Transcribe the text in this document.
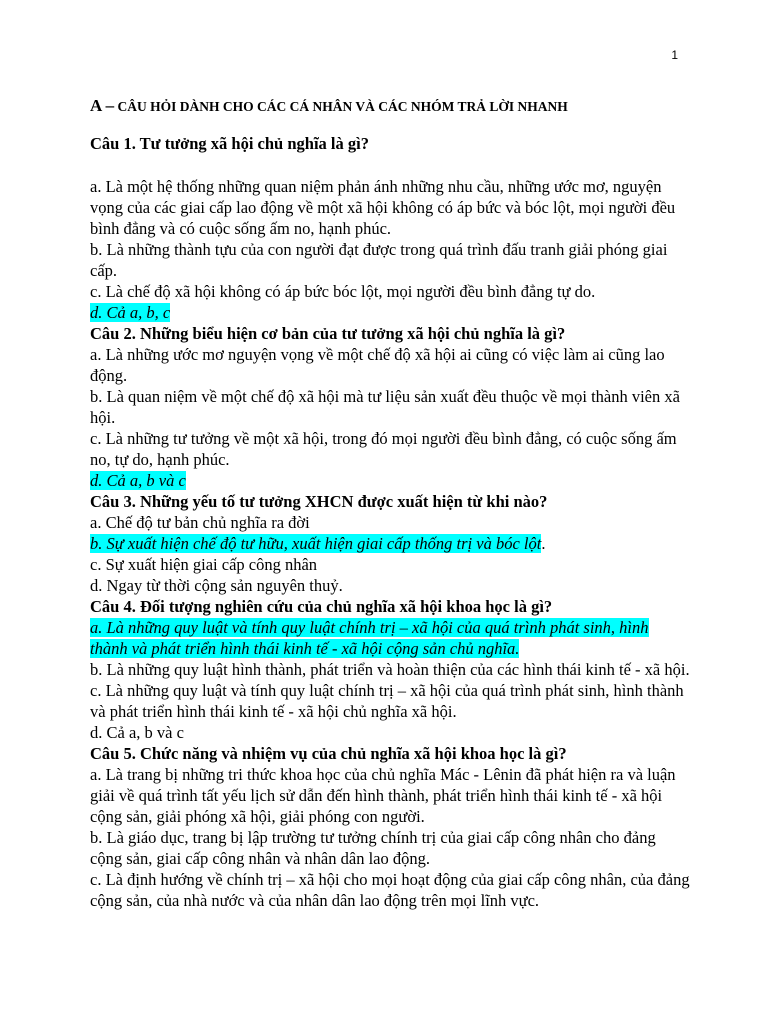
1

A – CÂU HỎI DÀNH CHO CÁC CÁ NHÂN VÀ CÁC NHÓM TRẢ LỜI NHANH

Câu 1. Tư tưởng xã hội chủ nghĩa là gì?

a. Là một hệ thống những quan niệm phản ánh những nhu cầu, những ước mơ, nguyện vọng của các giai cấp lao động về một xã hội không có áp bức và bóc lột, mọi người đều bình đẳng và có cuộc sống ấm no, hạnh phúc.

b. Là những thành tựu của con người đạt được trong quá trình đấu tranh giải phóng giai cấp.

c. Là chế độ xã hội không có áp bức bóc lột, mọi người đều bình đẳng tự do.

d. Cả a, b, c

Câu 2. Những biểu hiện cơ bản của tư tưởng xã hội chủ nghĩa là gì?

a. Là những ước mơ nguyện vọng về một chế độ xã hội ai cũng có việc làm ai cũng lao động.

b. Là quan niệm về một chế độ xã hội mà tư liệu sản xuất đều thuộc về mọi thành viên xã hội.

c. Là những tư tưởng về một xã hội, trong đó mọi người đều bình đẳng, có cuộc sống ấm no, tự do, hạnh phúc.

d. Cả a, b và c

Câu 3. Những yếu tố tư tưởng XHCN được xuất hiện từ khi nào?

a. Chế độ tư bản chủ nghĩa ra đời

b. Sự xuất hiện chế độ tư hữu, xuất hiện giai cấp thống trị và bóc lột.

c. Sự xuất hiện giai cấp công nhân

d. Ngay từ thời cộng sản nguyên thuỷ.

Câu 4. Đối tượng nghiên cứu của chủ nghĩa xã hội khoa học là gì?

a. Là những quy luật và tính quy luật chính trị – xã hội của quá trình phát sinh, hình thành và phát triển hình thái kinh tế - xã hội cộng sản chủ nghĩa.

b. Là những quy luật hình thành, phát triển và hoàn thiện của các hình thái kinh tế - xã hội.

c. Là những quy luật và tính quy luật chính trị – xã hội của quá trình phát sinh, hình thành và phát triển hình thái kinh tế - xã hội chủ nghĩa xã hội.

d. Cả a, b và c

Câu 5. Chức năng và nhiệm vụ của chủ nghĩa xã hội khoa học là gì?

a. Là trang bị những tri thức khoa học của chủ nghĩa Mác - Lênin đã phát hiện ra và luận giải về quá trình tất yếu lịch sử dẫn đến hình thành, phát triển hình thái kinh tế - xã hội cộng sản, giải phóng xã hội, giải phóng con người.

b. Là giáo dục, trang bị lập trường tư tưởng chính trị của giai cấp công nhân cho đảng cộng sản, giai cấp công nhân và nhân dân lao động.

c. Là định hướng về chính trị – xã hội cho mọi hoạt động của giai cấp công nhân, của đảng cộng sản, của nhà nước và của nhân dân lao động trên mọi lĩnh vực.
